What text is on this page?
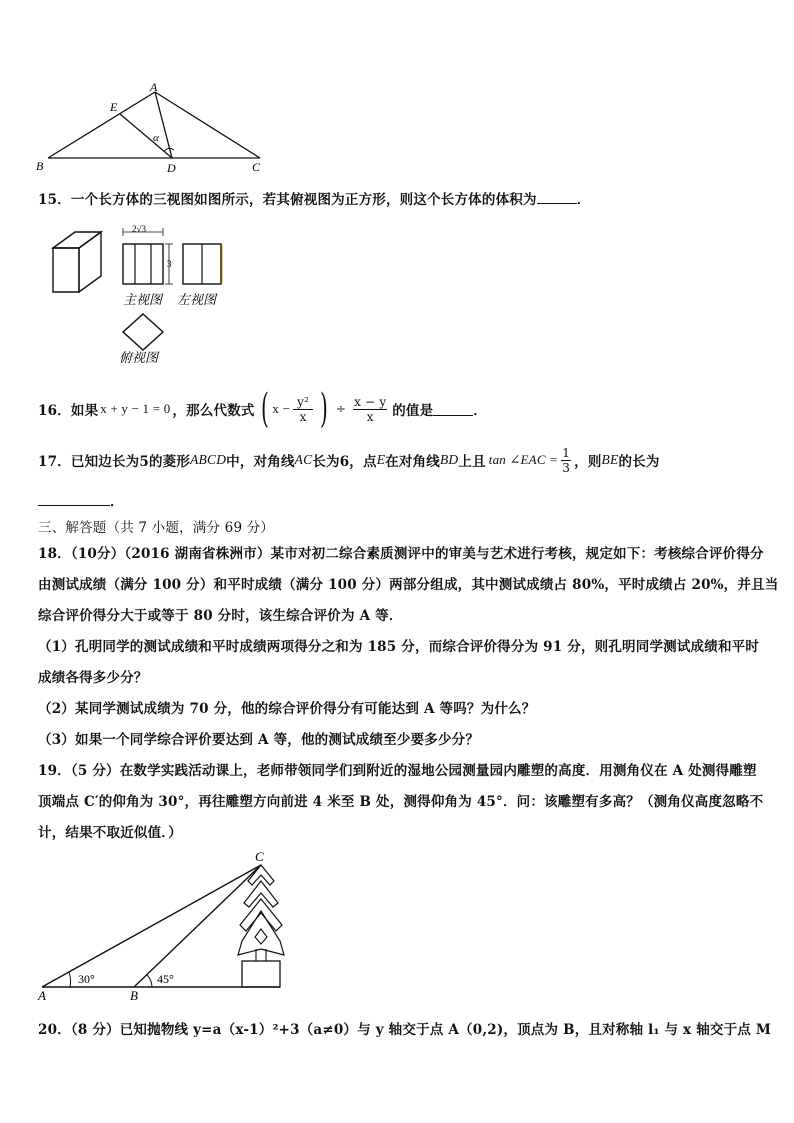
A
E
B	D	C
α
15．一个长方体的三视图如图所示，若其俯视图为正方形，则这个长方体的体积为	．
2√3
3
主视图 左视图
俯视图
16．如果 x + y − 1 = 0 ，那么代数式 ( x − y²
x ) ÷
x − y
x 的值是	．
17．已知边长为5的菱形 ABCD 中，对角线 AC 长为6，点 E 在对角线 BD 上且 tan ∠EAC = 1
3 ，则 BE 的长为
．
三、解答题（共 7 小题，满分 69 分）
18．（10分）（2016 湖南省株洲市）某市对初二综合素质测评中的审美与艺术进行考核，规定如下：考核综合评价得分
由测试成绩（满分 100 分）和平时成绩（满分 100 分）两部分组成，其中测试成绩占 80%，平时成绩占 20%，并且当
综合评价得分大于或等于 80 分时，该生综合评价为 A 等．
（1）孔明同学的测试成绩和平时成绩两项得分之和为 185 分，而综合评价得分为 91 分，则孔明同学测试成绩和平时
成绩各得多少分？
（2）某同学测试成绩为 70 分，他的综合评价得分有可能达到 A 等吗？为什么？
（3）如果一个同学综合评价要达到 A 等，他的测试成绩至少要多少分？
19．（5 分）在数学实践活动课上，老师带领同学们到附近的湿地公园测量园内雕塑的高度．用测角仪在 A 处测得雕塑
顶端点 C′的仰角为 30°，再往雕塑方向前进 4 米至 B 处，测得仰角为 45°．问：该雕塑有多高？（测角仪高度忽略不
计，结果不取近似值．）
C
A	B
30°	45°
20．（8 分）已知抛物线 y=a（x-1）²+3（a≠0）与 y 轴交于点 A（0,2)，顶点为 B，且对称轴 l₁ 与 x 轴交于点 M
